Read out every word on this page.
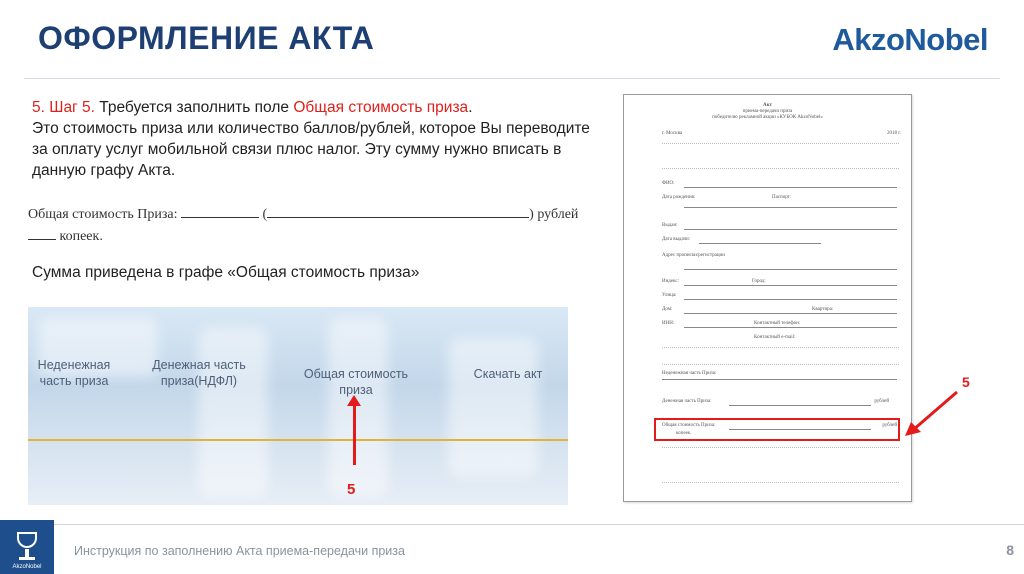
ОФОРМЛЕНИЕ АКТА	AkzoNobel
5. Шаг 5. Требуется заполнить поле Общая стоимость приза.
Это стоимость приза или количество баллов/рублей, которое Вы переводите за оплату услуг мобильной связи плюс налог. Эту сумму нужно вписать в данную графу Акта.
Общая стоимость Приза:	(	) рублей
копеек.
Сумма приведена в графе «Общая стоимость приза»
Неденежная
часть приза
Денежная часть
приза(НДФЛ)	Общая стоимость приза
Скачать акт
5
Акт
приема-передачи приза
победителю рекламной акции «КУБОК AkzoNobel»
г. Москва	2018 г.
ФИО:
Дата рождения:	Паспорт:
Выдан:
Дата выдачи:
Адрес прописки/регистрации
Индекс:	Город:
Улица:
Дом:	Квартира:
ИНН:	Контактный телефон:
Контактный e-mail:
Неденежная часть Приза:
Денежная часть Приза:	рублей
Общая стоимость Приза:	рублей
копеек.
5
AkzoNobel
Инструкция по заполнению Акта приема-передачи приза	8
